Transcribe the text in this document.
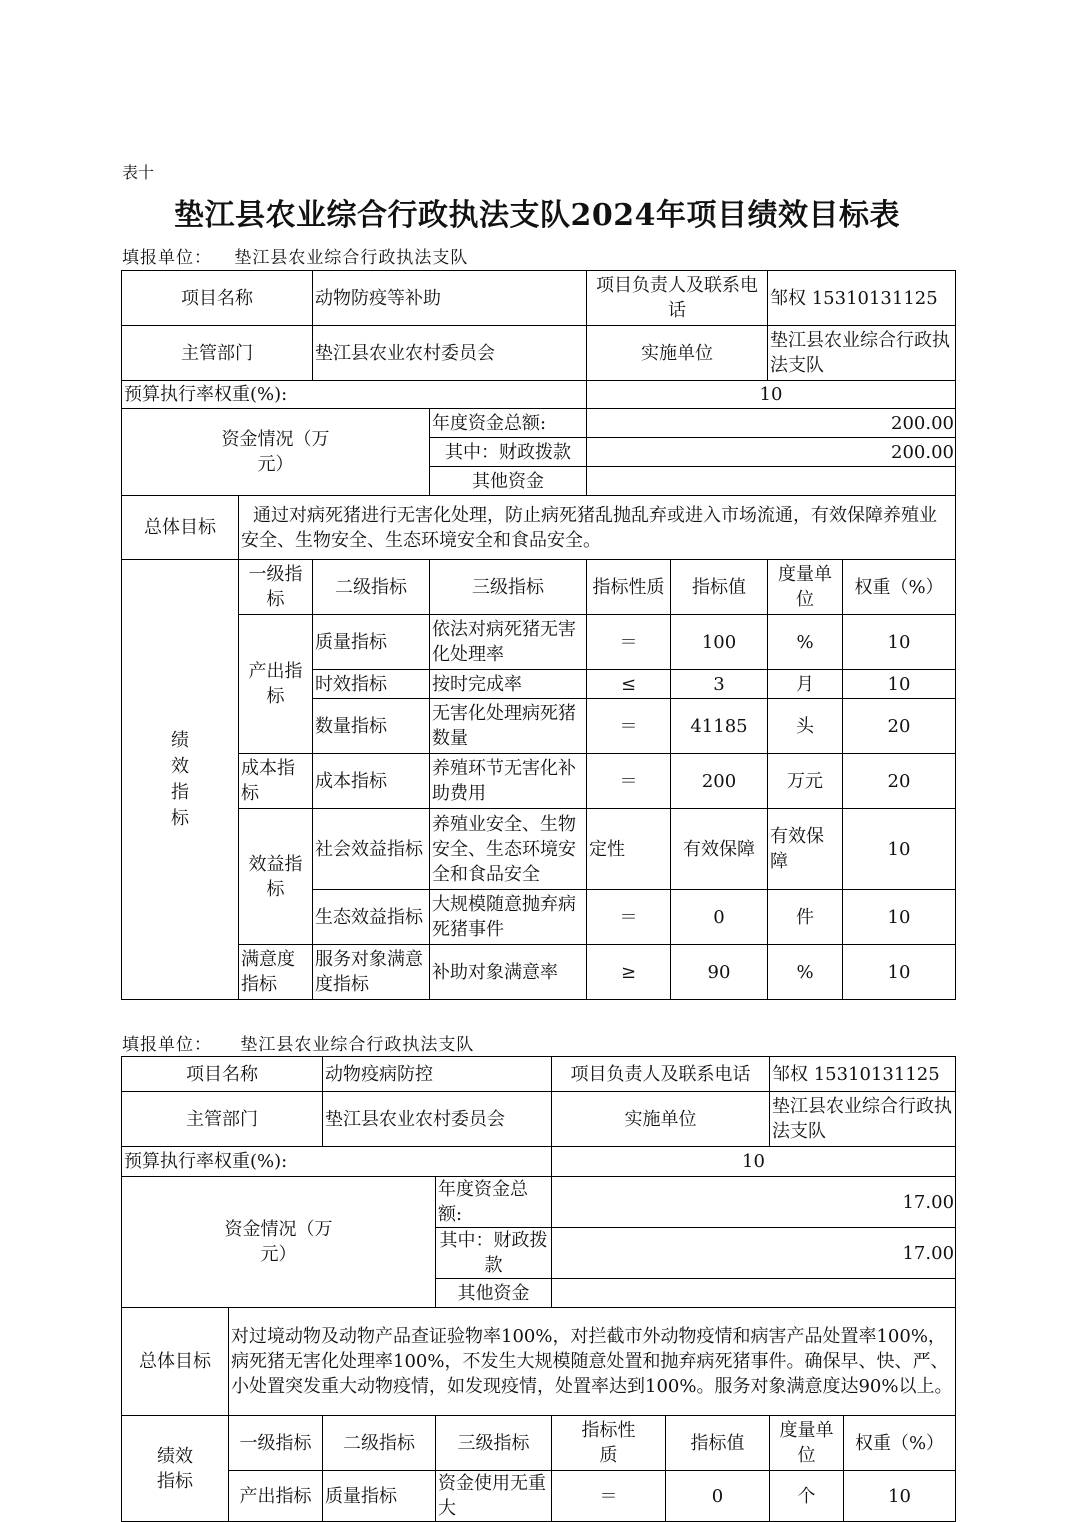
表十
垫江县农业综合行政执法支队2024年项目绩效目标表
填报单位： 垫江县农业综合行政执法支队
项目名称		动物防疫等补助		项目负责人及联系电话		邹权 15310131125	
主管部门		垫江县农业农村委员会		实施单位		垫江县农业综合行政执法支队	
预算执行率权重(%):				10			

资金情况（万元）			年度资金总额:	200.00			
			其中：财政拨款	200.00			
			其他资金				
总体目标	通过对病死猪进行无害化处理，防止病死猪乱抛乱弃或进入市场流通，有效保障养殖业安全、生物安全、生态环境安全和食品安全。						

绩效指标	一级指标	二级指标	三级指标	指标性质	指标值	度量单位	权重（%）
	产出指标	质量指标	依法对病死猪无害化处理率	＝	100	%	10
		时效指标	按时完成率	≤	3	月	10
		数量指标	无害化处理病死猪数量	＝	41185	头	20
	成本指标	成本指标	养殖环节无害化补助费用	＝	200	万元	20
	效益指标	社会效益指标	养殖业安全、生物安全、生态环境安全和食品安全	定性	有效保障	有效保障	10
		生态效益指标	大规模随意抛弃病死猪事件	＝	0	件	10
	满意度指标	服务对象满意度指标	补助对象满意率	≥	90	%	10
填报单位： 垫江县农业综合行政执法支队
项目名称		动物疫病防控		项目负责人及联系电话		邹权 15310131125	
主管部门		垫江县农业农村委员会		实施单位		垫江县农业综合行政执法支队	
预算执行率权重(%):				10			

资金情况（万元）			年度资金总额:	17.00			
			其中：财政拨款	17.00			
			其他资金				
总体目标	对过境动物及动物产品查证验物率100%，对拦截市外动物疫情和病害产品处置率100%，病死猪无害化处理率100%，不发生大规模随意处置和抛弃病死猪事件。确保早、快、严、小处置突发重大动物疫情，如发现疫情，处置率达到100%。服务对象满意度达90%以上。						

绩效指标	一级指标	二级指标	三级指标	指标性质	指标值	度量单位	权重（%）
	产出指标	质量指标	资金使用无重大	＝	0	个	10
